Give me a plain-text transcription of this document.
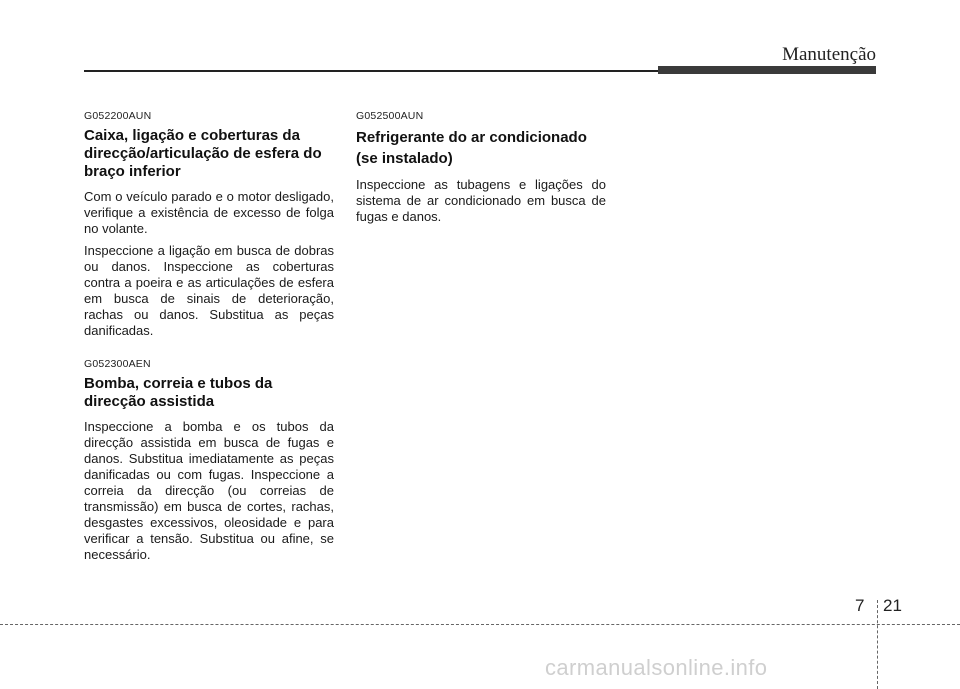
Manutenção
G052200AUN
Caixa, ligação e coberturas da direcção/articulação de esfera do braço inferior

Com o veículo parado e o motor desligado, verifique a existência de excesso de folga no volante.

Inspeccione a ligação em busca de dobras ou danos. Inspeccione as coberturas contra a poeira e as articulações de esfera em busca de sinais de deterioração, rachas ou danos. Substitua as peças danificadas.

G052300AEN
Bomba, correia e tubos da direcção assistida

Inspeccione a bomba e os tubos da direcção assistida em busca de fugas e danos. Substitua imediatamente as peças danificadas ou com fugas. Inspeccione a correia da direcção (ou correias de transmissão) em busca de cortes, rachas, desgastes excessivos, oleosidade e para verificar a tensão. Substitua ou afine, se necessário.

G052500AUN
Refrigerante do ar condicionado (se instalado)

Inspeccione as tubagens e ligações do sistema de ar condicionado em busca de fugas e danos.

7 21
carmanualsonline.info
